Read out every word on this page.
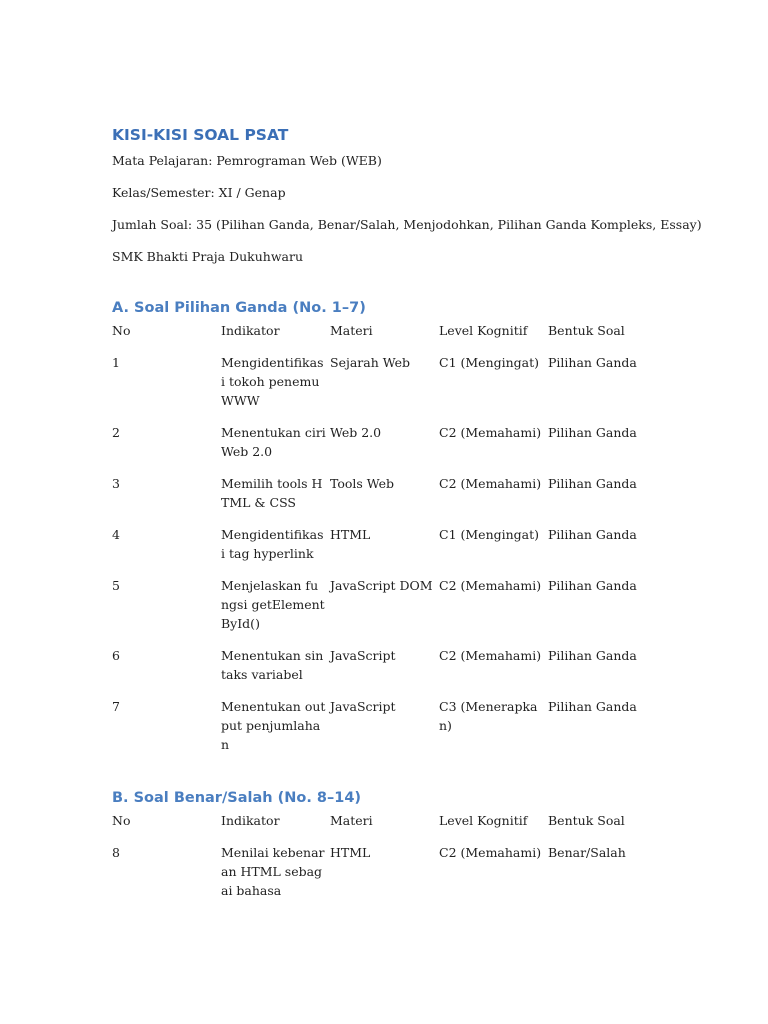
KISI-KISI SOAL PSAT

Mata Pelajaran: Pemrograman Web (WEB)

Kelas/Semester: XI / Genap

Jumlah Soal: 35 (Pilihan Ganda, Benar/Salah, Menjodohkan, Pilihan Ganda Kompleks, Essay)

SMK Bhakti Praja Dukuhwaru

A. Soal Pilihan Ganda (No. 1–7)
No	Indikator	Materi	Level Kognitif	Bentuk Soal
1	Mengidentifikasi tokoh penemu WWW	Sejarah Web	C1 (Mengingat)	Pilihan Ganda
2	Menentukan ciri Web 2.0	Web 2.0	C2 (Memahami)	Pilihan Ganda
3	Memilih tools HTML & CSS	Tools Web	C2 (Memahami)	Pilihan Ganda
4	Mengidentifikasi tag hyperlink	HTML	C1 (Mengingat)	Pilihan Ganda
5	Menjelaskan fungsi getElementById()	JavaScript DOM	C2 (Memahami)	Pilihan Ganda
6	Menentukan sintaks variabel	JavaScript	C2 (Memahami)	Pilihan Ganda
7	Menentukan output penjumlahan	JavaScript	C3 (Menerapkan)	Pilihan Ganda
B. Soal Benar/Salah (No. 8–14)
No	Indikator	Materi	Level Kognitif	Bentuk Soal
8	Menilai kebenaran HTML sebagai bahasa	HTML	C2 (Memahami)	Benar/Salah
